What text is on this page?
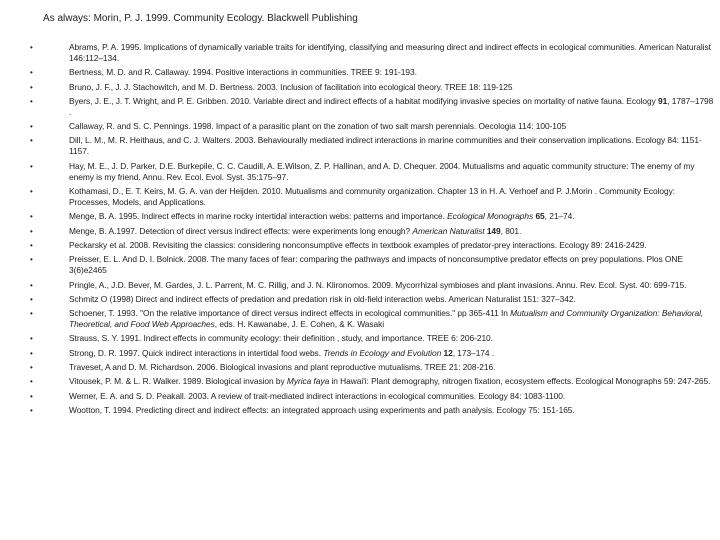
As always: Morin, P. J. 1999. Community Ecology. Blackwell Publishing
•	Abrams, P. A. 1995. Implications of dynamically variable traits for identifying, classifying and measuring direct and indirect effects in ecological communities. American Naturalist 146:112–134.
•	Bertness, M. D. and R. Callaway. 1994. Positive interactions in communities. TREE 9: 191-193.
•	Bruno, J. F., J. J. Stachowitch, and M. D. Bertness. 2003. Inclusion of facilitation into ecological theory. TREE 18: 119-125
•	Byers, J. E., J. T. Wright, and P. E. Gribben. 2010. Variable direct and indirect effects of a habitat modifying invasive species on mortality of native fauna. Ecology 91, 1787–1798 .
•	Callaway, R. and S. C. Pennings. 1998. Impact of a parasitic plant on the zonation of two salt marsh perennials. Oecologia 114: 100-105
•	Dill, L. M., M. R. Heithaus, and C. J. Walters. 2003. Behaviourally mediated indirect interactions in marine communities and their conservation implications. Ecology 84: 1151-1157.
•	Hay, M. E., J. D. Parker, D.E. Burkepile, C. C. Caudill, A. E.Wilson, Z. P. Hallinan, and A. D. Chequer. 2004. Mutualisms and aquatic community structure: The enemy of my enemy is my friend. Annu. Rev. Ecol. Evol. Syst. 35:175–97.
•	Kothamasi, D., E. T. Keirs, M. G. A. van der Heijden. 2010. Mutualisms and community organization. Chapter 13 in H. A. Verhoef and P. J.Morin . Community Ecology: Processes, Models, and Applications.
•	Menge, B. A. 1995. Indirect effects in marine rocky intertidal interaction webs: patterns and importance. Ecological Monographs 65, 21–74.
•	Menge, B. A.1997. Detection of direct versus indirect effects: were experiments long enough? American Naturalist 149, 801.
•	Peckarsky et al. 2008. Revisiting the classics: considering nonconsumptive effects in textbook examples of predator-prey interactions. Ecology 89: 2416-2429.
•	Preisser, E. L. And D. I. Bolnick. 2008. The many faces of fear: comparing the pathways and impacts of nonconsumptive predator effects on prey populations. Plos ONE 3(6)e2465
•	Pringle, A., J.D. Bever, M. Gardes, J. L. Parrent, M. C. Rillig, and J. N. Klironomos. 2009. Mycorrhizal symbioses and plant invasions. Annu. Rev. Ecol. Syst. 40: 699-715.
•	Schmitz O (1998) Direct and indirect effects of predation and predation risk in old-field interaction webs. American Naturalist 151: 327–342.
•	Schoener, T. 1993. "On the relative importance of direct versus indirect effects in ecological communities." pp 365-411 In Mutualism and Community Organization: Behavioral, Theoretical, and Food Web Approaches, eds. H. Kawanabe, J. E. Cohen, & K. Wasaki
•	Strauss, S. Y. 1991. Indirect effects in community ecology: their definition , study, and importance. TREE 6: 206-210.
•	Strong, D. R. 1997. Quick indirect interactions in intertidal food webs. Trends in Ecology and Evolution 12, 173–174 .
•	Traveset, A and D. M. Richardson. 2006. Biological invasions and plant reproductive mutualisms. TREE 21: 208-216.
•	Vitousek, P. M. & L. R. Walker. 1989. Biological invasion by Myrica faya in Hawai'i: Plant demography, nitrogen fixation, ecosystem effects. Ecological Monographs 59: 247-265.
•	Werner, E. A. and S. D. Peakall. 2003. A review of trait-mediated indirect interactions in ecological communities. Ecology 84: 1083-1100.
•	Wootton, T. 1994. Predicting direct and indirect effects: an integrated approach using experiments and path analysis. Ecology 75: 151-165.
